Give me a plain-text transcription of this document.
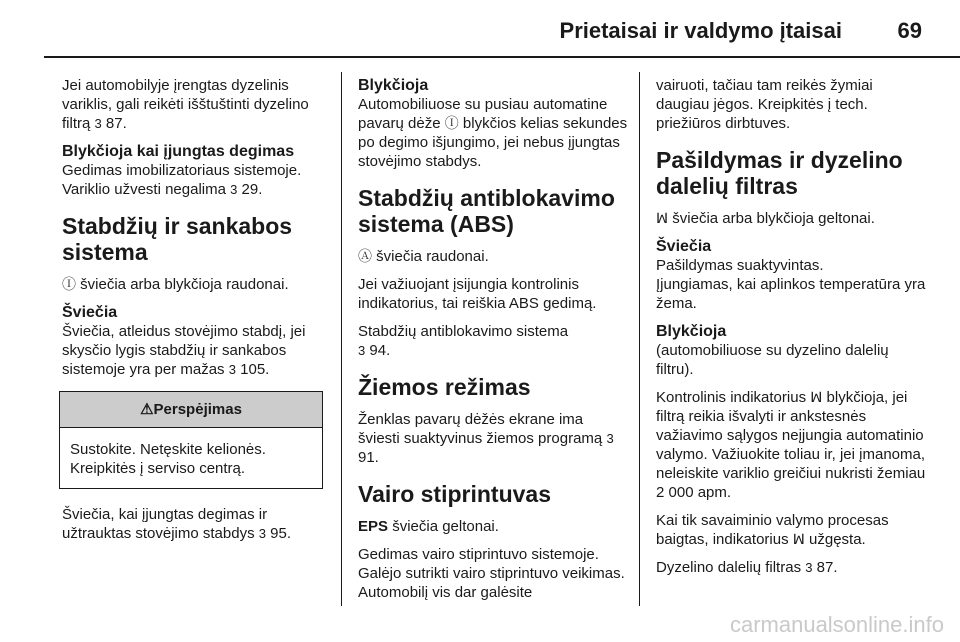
Prietaisai ir valdymo įtaisai	69

Jei automobilyje įrengtas dyzelinis variklis, gali reikėti išštuštinti dyzelino filtrą 3 87.

Blykčioja kai įjungtas degimas

Gedimas imobilizatoriaus sistemoje. Variklio užvesti negalima 3 29.

Stabdžių ir sankabos sistema

Ⓘ šviečia arba blykčioja raudonai.

Šviečia

Šviečia, atleidus stovėjimo stabdį, jei skysčio lygis stabdžių ir sankabos sistemoje yra per mažas 3 105.

⚠Perspėjimas
Sustokite. Netęskite kelionės. Kreipkitės į serviso centrą.

Šviečia, kai įjungtas degimas ir užtrauktas stovėjimo stabdys 3 95.

Blykčioja

Automobiliuose su pusiau automatine pavarų dėže Ⓘ blykčios kelias sekundes po degimo išjungimo, jei nebus įjungtas stovėjimo stabdys.

Stabdžių antiblokavimo sistema (ABS)

Ⓐ šviečia raudonai.

Jei važiuojant įsijungia kontrolinis indikatorius, tai reiškia ABS gedimą.

Stabdžių antiblokavimo sistema
3 94.

Žiemos režimas

Ženklas pavarų dėžės ekrane ima šviesti suaktyvinus žiemos programą 3 91.

Vairo stiprintuvas

EPS šviečia geltonai.

Gedimas vairo stiprintuvo sistemoje. Galėjo sutrikti vairo stiprintuvo veikimas. Automobilį vis dar galėsite

vairuoti, tačiau tam reikės žymiai daugiau jėgos. Kreipkitės į tech. priežiūros dirbtuves.

Pašildymas ir dyzelino dalelių filtras

ꟽ šviečia arba blykčioja geltonai.

Šviečia

Pašildymas suaktyvintas.

Įjungiamas, kai aplinkos temperatūra yra žema.

Blykčioja

(automobiliuose su dyzelino dalelių filtru).

Kontrolinis indikatorius ꟽ blykčioja, jei filtrą reikia išvalyti ir ankstesnės važiavimo sąlygos neįjungia automatinio valymo. Važiuokite toliau ir, jei įmanoma, neleiskite varikliо greičiui nukristi žemiau 2 000 apm.

Kai tik savaiminio valymo procesas baigtas, indikatorius ꟽ užgęsta.

Dyzelino dalelių filtras 3 87.

carmanualsonline.info
